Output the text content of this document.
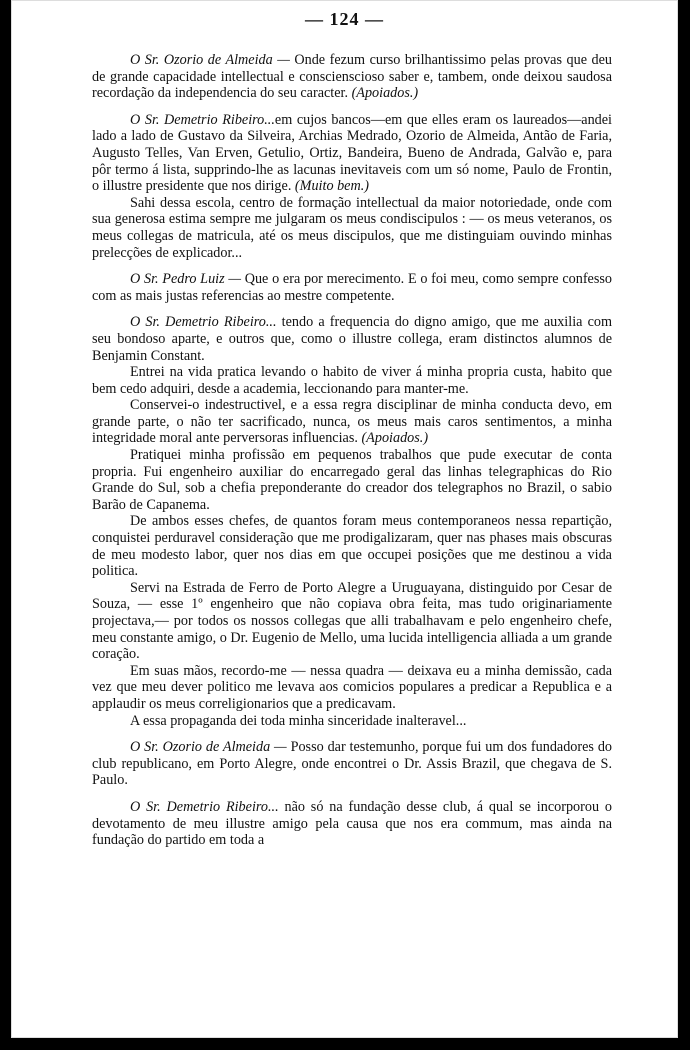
— 124 —

O Sr. Ozorio de Almeida — Onde fezum curso brilhantissimo pelas provas que deu de grande capacidade intellectual e conscienscioso saber e, tambem, onde deixou saudosa recordação da independencia do seu caracter. (Apoiados.)

O Sr. Demetrio Ribeiro...em cujos bancos—em que elles eram os laureados—andei lado a lado de Gustavo da Silveira, Archias Medrado, Ozorio de Almeida, Antão de Faria, Augusto Telles, Van Erven, Getulio, Ortiz, Bandeira, Bueno de Andrada, Galvão e, para pôr termo á lista, supprindo-lhe as lacunas inevitaveis com um só nome, Paulo de Frontin, o illustre presidente que nos dirige. (Muito bem.)

Sahi dessa escola, centro de formação intellectual da maior notoriedade, onde com sua generosa estima sempre me julgaram os meus condiscipulos : — os meus veteranos, os meus collegas de matricula, até os meus discipulos, que me distinguiam ouvindo minhas prelecções de explicador...

O Sr. Pedro Luiz — Que o era por merecimento. E o foi meu, como sempre confesso com as mais justas referencias ao mestre competente.

O Sr. Demetrio Ribeiro... tendo a frequencia do digno amigo, que me auxilia com seu bondoso aparte, e outros que, como o illustre collega, eram distinctos alumnos de Benjamin Constant.

Entrei na vida pratica levando o habito de viver á minha propria custa, habito que bem cedo adquiri, desde a academia, leccionando para manter-me.

Conservei-o indestructivel, e a essa regra disciplinar de minha conducta devo, em grande parte, o não ter sacrificado, nunca, os meus mais caros sentimentos, a minha integridade moral ante perversoras influencias. (Apoiados.)

Pratiquei minha profissão em pequenos trabalhos que pude executar de conta propria. Fui engenheiro auxiliar do encarregado geral das linhas telegraphicas do Rio Grande do Sul, sob a chefia preponderante do creador dos telegraphos no Brazil, o sabio Barão de Capanema.

De ambos esses chefes, de quantos foram meus contemporaneos nessa repartição, conquistei perduravel consideração que me prodigalizaram, quer nas phases mais obscuras de meu modesto labor, quer nos dias em que occupei posições que me destinou a vida politica.

Servi na Estrada de Ferro de Porto Alegre a Uruguayana, distinguido por Cesar de Souza, — esse 1º engenheiro que não copiava obra feita, mas tudo originariamente projectava,— por todos os nossos collegas que alli trabalhavam e pelo engenheiro chefe, meu constante amigo, o Dr. Eugenio de Mello, uma lucida intelligencia alliada a um grande coração.

Em suas mãos, recordo-me — nessa quadra — deixava eu a minha demissão, cada vez que meu dever politico me levava aos comicios populares a predicar a Republica e a applaudir os meus correligionarios que a predicavam.

A essa propaganda dei toda minha sinceridade inalteravel...

O Sr. Ozorio de Almeida — Posso dar testemunho, porque fui um dos fundadores do club republicano, em Porto Alegre, onde encontrei o Dr. Assis Brazil, que chegava de S. Paulo.

O Sr. Demetrio Ribeiro... não só na fundação desse club, á qual se incorporou o devotamento de meu illustre amigo pela causa que nos era commum, mas ainda na fundação do partido em toda a
